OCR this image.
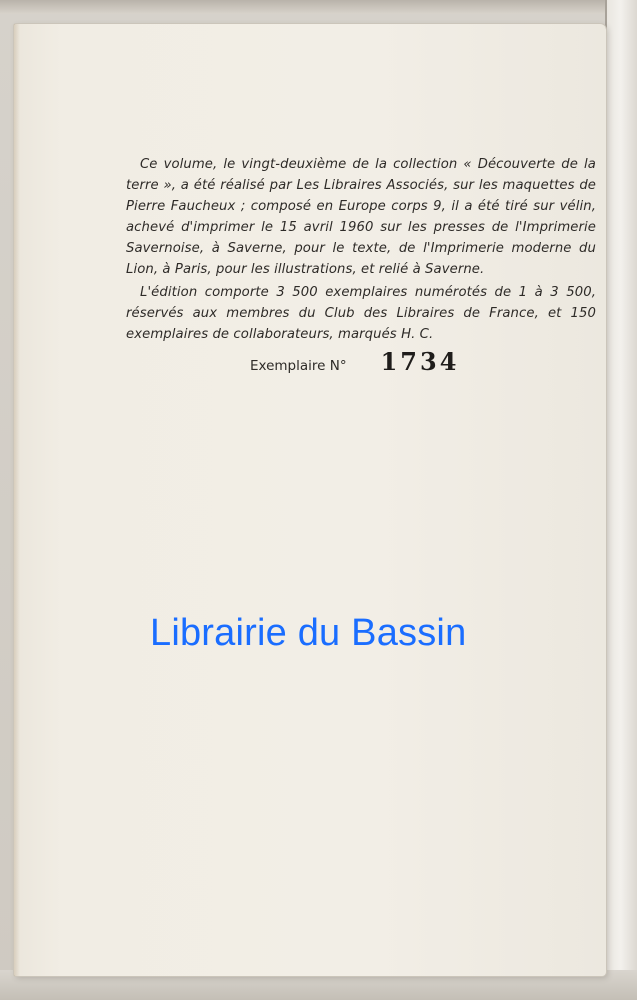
Ce volume, le vingt-deuxième de la collection « Découverte de la terre », a été réalisé par Les Libraires Associés, sur les maquettes de Pierre Faucheux ; composé en Europe corps 9, il a été tiré sur vélin, achevé d'imprimer le 15 avril 1960 sur les presses de l'Imprimerie Savernoise, à Saverne, pour le texte, de l'Imprimerie moderne du Lion, à Paris, pour les illustrations, et relié à Saverne.

L'édition comporte 3 500 exemplaires numérotés de 1 à 3 500, réservés aux membres du Club des Libraires de France, et 150 exemplaires de collaborateurs, marqués H. C.

Exemplaire N° 1734
Librairie du Bassin
